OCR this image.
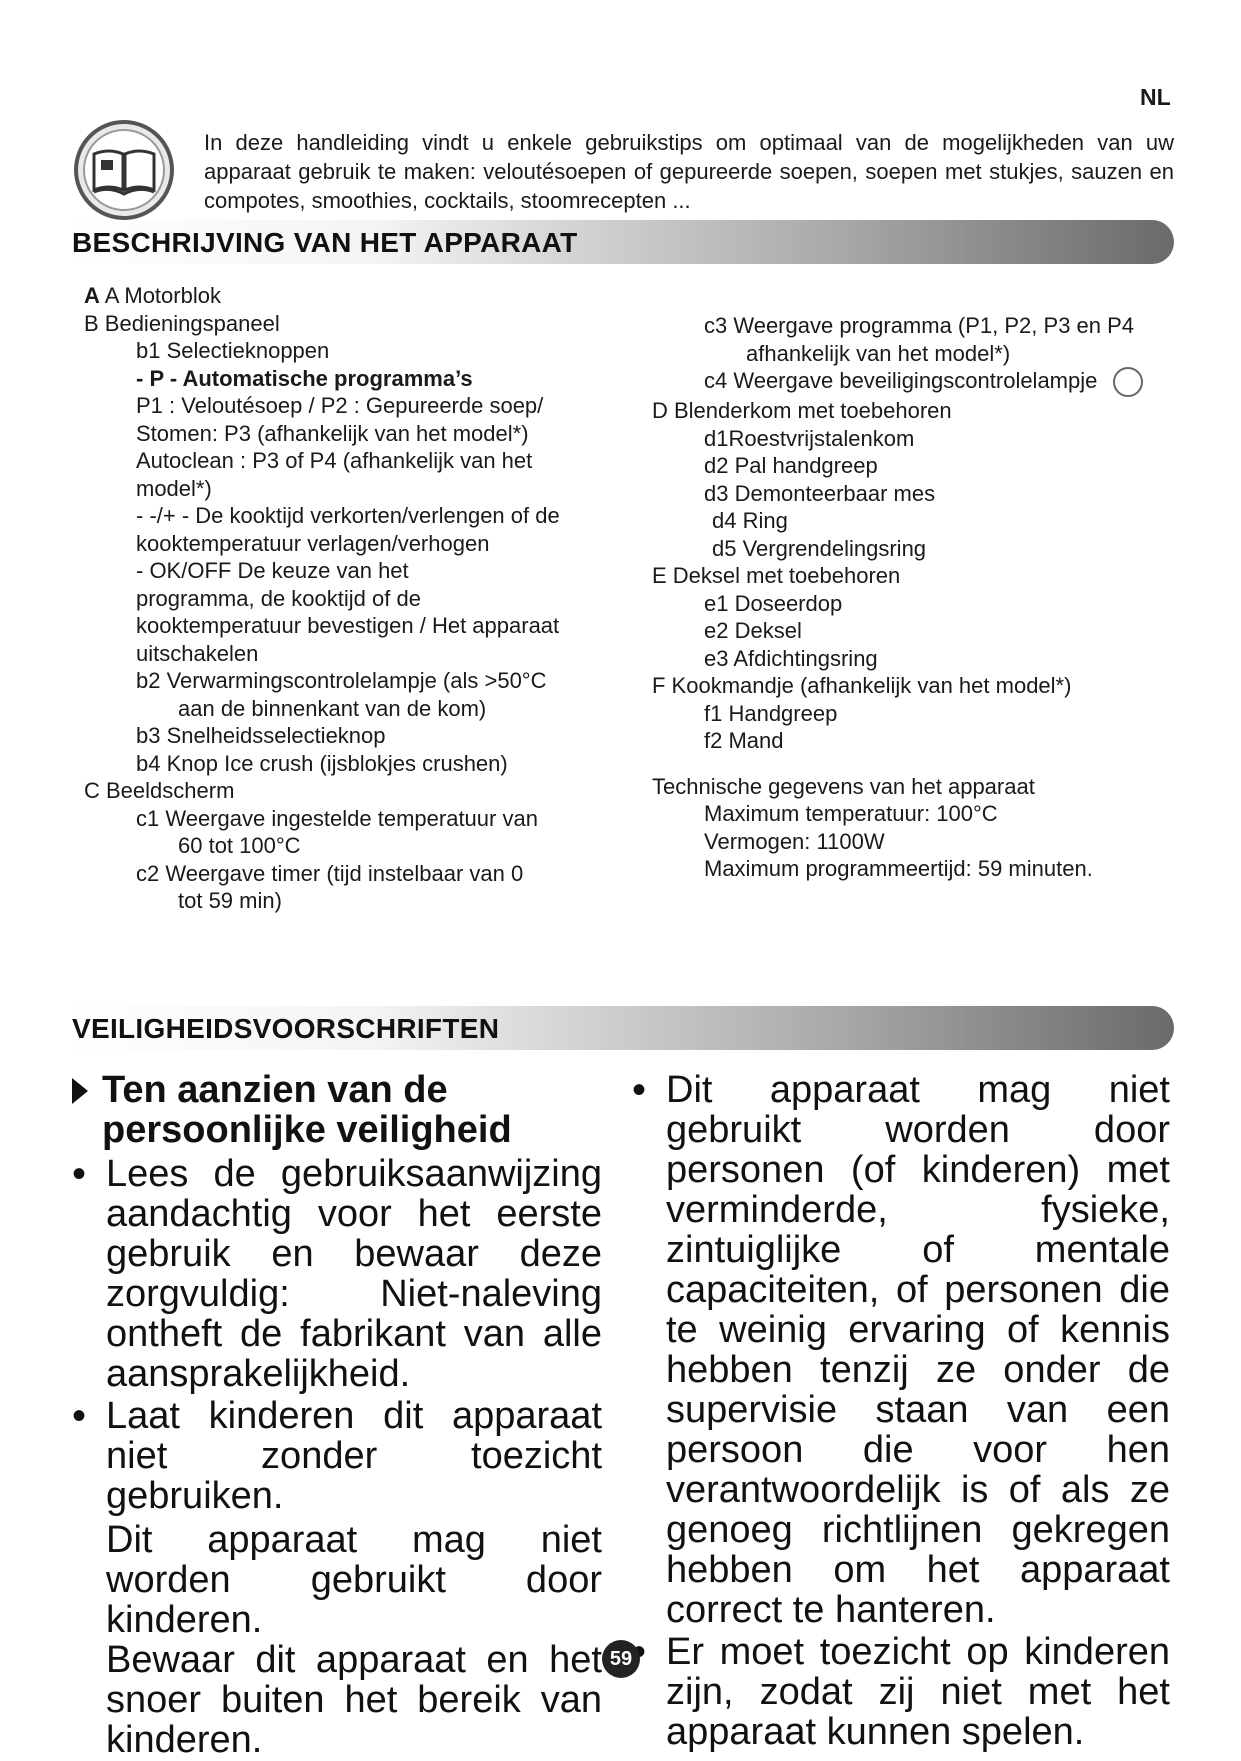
NL
In deze handleiding vindt u enkele gebruikstips om optimaal van de mogelijkheden van uw apparaat gebruik te maken: veloutésoepen of gepureerde soepen, soepen met stukjes, sauzen en compotes, smoothies, cocktails, stoomrecepten ...
BESCHRIJVING VAN HET APPARAAT
A A Motorblok
B Bedieningspaneel
b1 Selectieknoppen
- P - Automatische programma’s
P1 : Veloutésoep / P2 : Gepureerde soep/
Stomen: P3 (afhankelijk van het model*)
Autoclean : P3 of P4 (afhankelijk van het
model*)
- -/+ - De kooktijd verkorten/verlengen of de
kooktemperatuur verlagen/verhogen
- OK/OFF De keuze van het
programma, de kooktijd of de
kooktemperatuur bevestigen / Het apparaat
uitschakelen
b2 Verwarmingscontrolelampje (als >50°C
aan de binnenkant van de kom)
b3 Snelheidsselectieknop
b4 Knop Ice crush (ijsblokjes crushen)
C Beeldscherm
c1 Weergave ingestelde temperatuur van
60 tot 100°C
c2 Weergave timer (tijd instelbaar van 0
tot 59 min)
c3 Weergave programma (P1, P2, P3 en P4
afhankelijk van het model*)
c4 Weergave beveiligingscontrolelampje
D Blenderkom met toebehoren
d1Roestvrijstalenkom
d2 Pal handgreep
d3 Demonteerbaar mes
d4 Ring
d5 Vergrendelingsring
E Deksel met toebehoren
e1 Doseerdop
e2 Deksel
e3 Afdichtingsring
F Kookmandje (afhankelijk van het model*)
f1 Handgreep
f2 Mand
Technische gegevens van het apparaat
Maximum temperatuur: 100°C
Vermogen: 1100W
Maximum programmeertijd: 59 minuten.
VEILIGHEIDSVOORSCHRIFTEN
Ten aanzien van de persoonlijke veiligheid
• Lees de gebruiksaanwijzing aandachtig voor het eerste gebruik en bewaar deze zorgvuldig: Niet-naleving ontheft de fabrikant van alle aansprakelijkheid.
• Laat kinderen dit apparaat niet zonder toezicht gebruiken.
Dit apparaat mag niet worden gebruikt door kinderen.
Bewaar dit apparaat en het snoer buiten het bereik van kinderen.
• Dit apparaat mag niet gebruikt worden door personen (of kinderen) met verminderde, fysieke, zintuiglijke of mentale capaciteiten, of personen die te weinig ervaring of kennis hebben tenzij ze onder de supervisie staan van een persoon die voor hen verantwoordelijk is of als ze genoeg richtlijnen gekregen hebben om het apparaat correct te hanteren.
• Er moet toezicht op kinderen zijn, zodat zij niet met het apparaat kunnen spelen.
59
